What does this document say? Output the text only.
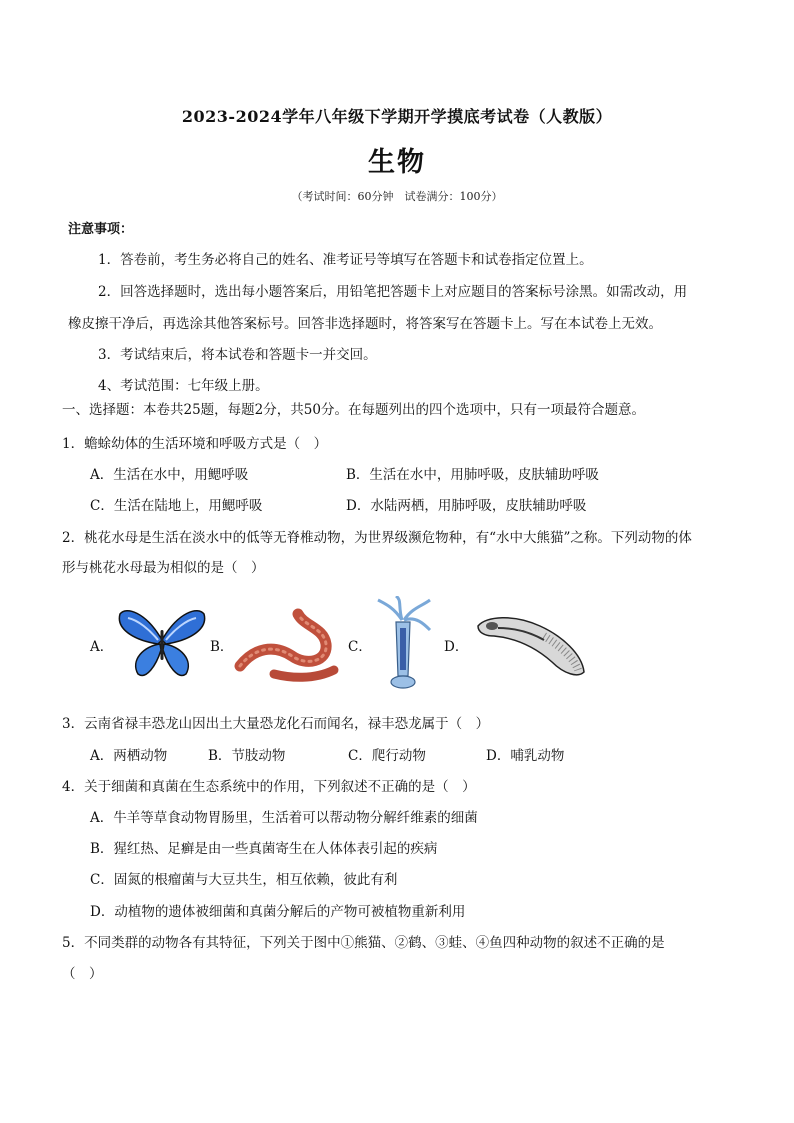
2023-2024学年八年级下学期开学摸底考试卷（人教版）
生物
（考试时间：60分钟　试卷满分：100分）
注意事项：
1．答卷前，考生务必将自己的姓名、准考证号等填写在答题卡和试卷指定位置上。
2．回答选择题时，选出每小题答案后，用铅笔把答题卡上对应题目的答案标号涂黑。如需改动，用
橡皮擦干净后，再选涂其他答案标号。回答非选择题时，将答案写在答题卡上。写在本试卷上无效。
3．考试结束后，将本试卷和答题卡一并交回。
4、考试范围：七年级上册。
一、选择题：本卷共25题，每题2分，共50分。在每题列出的四个选项中，只有一项最符合题意。
1．蟾蜍幼体的生活环境和呼吸方式是（　）
A．生活在水中，用鳃呼吸	B．生活在水中，用肺呼吸，皮肤辅助呼吸
C．生活在陆地上，用鳃呼吸	D．水陆两栖，用肺呼吸，皮肤辅助呼吸
2．桃花水母是生活在淡水中的低等无脊椎动物，为世界级濒危物种，有“水中大熊猫”之称。下列动物的体
形与桃花水母最为相似的是（　）
A．	B．	C．	D．
3．云南省禄丰恐龙山因出土大量恐龙化石而闻名，禄丰恐龙属于（　）
A．两栖动物	B．节肢动物	C．爬行动物	D．哺乳动物
4．关于细菌和真菌在生态系统中的作用，下列叙述不正确的是（　）
A．牛羊等草食动物胃肠里，生活着可以帮动物分解纤维素的细菌
B．猩红热、足癣是由一些真菌寄生在人体体表引起的疾病
C．固氮的根瘤菌与大豆共生，相互依赖，彼此有利
D．动植物的遗体被细菌和真菌分解后的产物可被植物重新利用
5．不同类群的动物各有其特征，下列关于图中①熊猫、②鹤、③蛙、④鱼四种动物的叙述不正确的是
（　）
